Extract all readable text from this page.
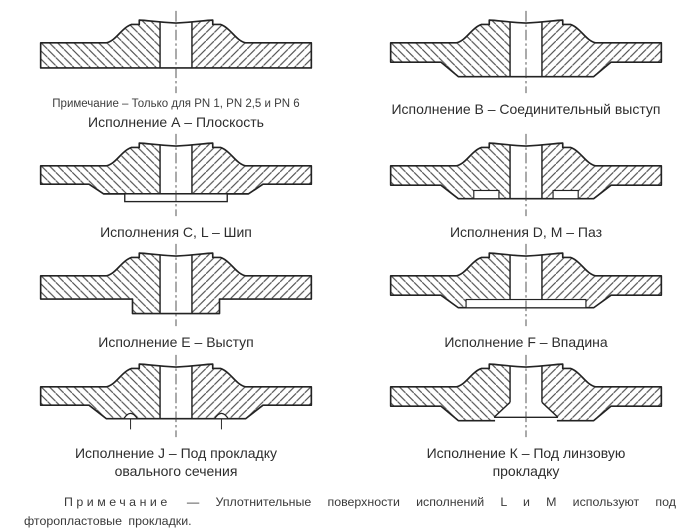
Примечание – Только для PN 1, PN 2,5 и PN 6
Исполнение А – Плоскость
Исполнение В – Соединительный выступ
Исполнения С, L – Шип	Исполнения D, M – Паз
Исполнение Е – Выступ	Исполнение F – Впадина
Исполнение J – Под прокладку
овального сечения
Исполнение К – Под линзовую
прокладку

Примечание — Уплотнительные поверхности исполнений L и M используют под фторопластовые прокладки.
